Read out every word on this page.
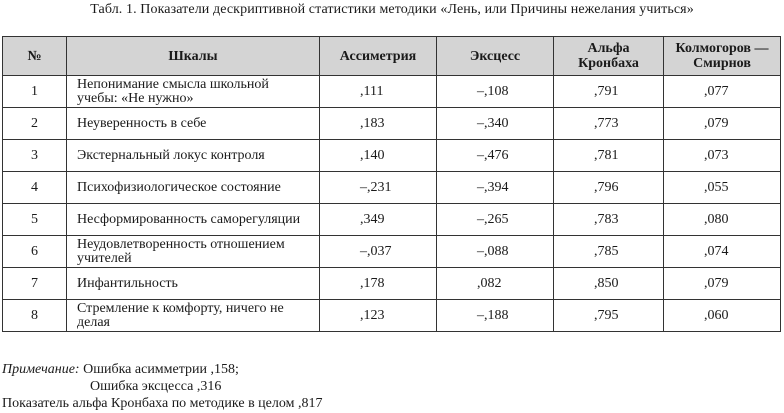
Табл. 1. Показатели дескриптивной статистики методики «Лень, или Причины нежелания учиться»
№	Шкалы	Ассиметрия	Эксцесс	Альфа Кронбаха	Колмогоров — Смирнов
1	Непонимание смысла школьной учебы: «Не нужно»	,111	–,108	,791	,077
2	Неуверенность в себе	,183	–,340	,773	,079
3	Экстернальный локус контроля	,140	–,476	,781	,073
4	Психофизиологическое состояние	–,231	–,394	,796	,055
5	Несформированность саморегуляции	,349	–,265	,783	,080
6	Неудовлетворенность отношением учителей	–,037	–,088	,785	,074
7	Инфантильность	,178	,082	,850	,079
8	Стремление к комфорту, ничего не делая	,123	–,188	,795	,060
Примечание: Ошибка асимметрии ,158;
Ошибка эксцесса ,316
Показатель альфа Кронбаха по методике в целом ,817
